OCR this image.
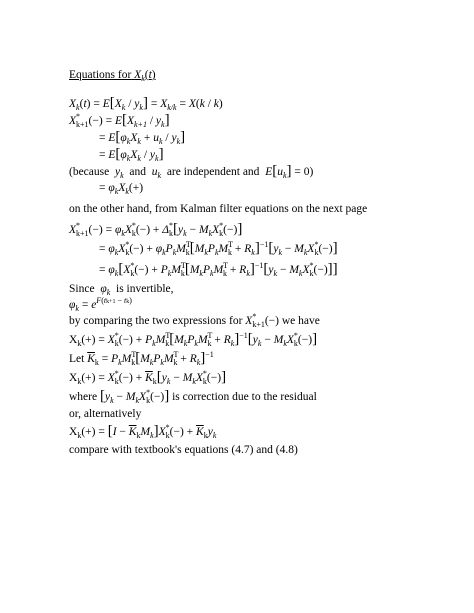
Equations for $X_k(t)$
$X_k(t) = E[X_k / y_k] = X_{k/k} = X(k / k)$
$X^*_{k+1}(-) = E[X_{k+1} / y_k]$
= $E[\varphi_kX_k + u_k / y_k]$
= $E[\varphi_kX_k / y_k]$
(because $y_k$  and  $u_k$ are independent and $E[u_k] = 0$)
= $\varphi_kX_k(+)$
on the other hand, from Kalman filter equations on the next page
$X^*_{k+1}(-) = \varphi_kX^*_k(-) + \Delta^*_k[y_k - M_kX^*_k(-)]$
= $\varphi_kX^*_k(-) + \varphi_kP_kM^T_k[M_kP_kM^T_k + R_k]^{-1}[y_k - M_kX^*_k(-)]$
= $\varphi_k[X^*_k(-) + P_kM^T_k[M_kP_kM^T_k + R_k]^{-1}[y_k - M_kX^*_k(-)]]$
Since $\varphi_k$ is invertible,
$\varphi_k = e^{F(tk+1 - tk)}$
by comparing the two expressions for $X^*_{k+1}(-)$ we have
$X_k(+) = X^*_k(-) + P_kM^T_k[M_kP_kM^T_k + R_k]^{-1}[y_k - M_kX^*_k(-)]$
Let $\overline{K}_k = P_kM^T_k[M_kP_kM^T_k + R_k]^{-1}$
$X_k(+) = X^*_k(-) + \overline{K}_k[y_k - M_kX^*_k(-)]$
where $[y_k - M_kX^*_k(-)]$ is correction due to the residual
or, alternatively
$X_k(+) = [I - \overline{K}_kM_k]X^*_k(-) + \overline{K}_ky_k$
compare with textbook's equations (4.7) and (4.8)
